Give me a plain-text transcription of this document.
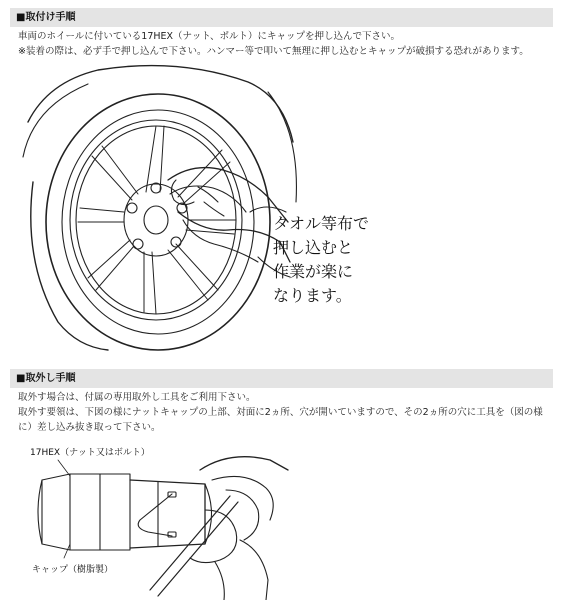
■取付け手順
車両のホイールに付いている17HEX（ナット、ボルト）にキャップを押し込んで下さい。
※装着の際は、必ず手で押し込んで下さい。ハンマー等で叩いて無理に押し込むとキャップが破損する恐れがあります。
タオル等布で
押し込むと
作業が楽に
なります。
■取外し手順
取外す場合は、付属の専用取外し工具をご利用下さい。
取外す要領は、下図の様にナットキャップの上部、対面に2ヵ所、穴が開いていますので、その2ヵ所の穴に工具を（図の様に）差し込み抜き取って下さい。
17HEX（ナット又はボルト）
キャップ（樹脂製）
